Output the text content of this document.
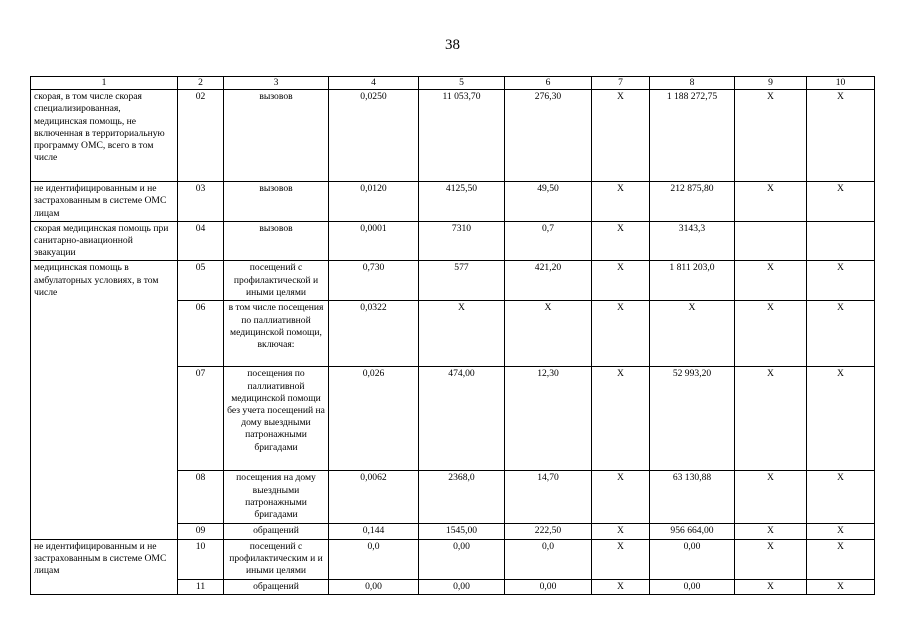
38
1	2	3	4	5	6	7	8	9	10
скорая, в том числе скорая специализированная, медицинская помощь, не включенная в территориальную программу ОМС, всего в том числе	02	вызовов	0,0250	11 053,70	276,30	X	1 188 272,75	X	X
не идентифицированным и не застрахованным в системе ОМС лицам	03	вызовов	0,0120	4125,50	49,50	X	212 875,80	X	X
скорая медицинская помощь при санитарно-авиационной эвакуации	04	вызовов	0,0001	7310	0,7	X	3143,3		
медицинская помощь в амбулаторных условиях, в том числе	05	посещений с профилактической и иными целями	0,730	577	421,20	X	1 811 203,0	X	X
	06	в том числе посещения по паллиативной медицинской помощи, включая:	0,0322	X	X	X	X	X	X
	07	посещения по паллиативной медицинской помощи без учета посещений на дому выездными патронажными бригадами	0,026	474,00	12,30	X	52 993,20	X	X
	08	посещения на дому выездными патронажными бригадами	0,0062	2368,0	14,70	X	63 130,88	X	X
	09	обращений	0,144	1545,00	222,50	X	956 664,00	X	X
не идентифицированным и не застрахованным в системе ОМС лицам	10	посещений с профилактическим и и иными целями	0,0	0,00	0,0	X	0,00	X	X
	11	обращений	0,00	0,00	0,00	X	0,00	X	X
